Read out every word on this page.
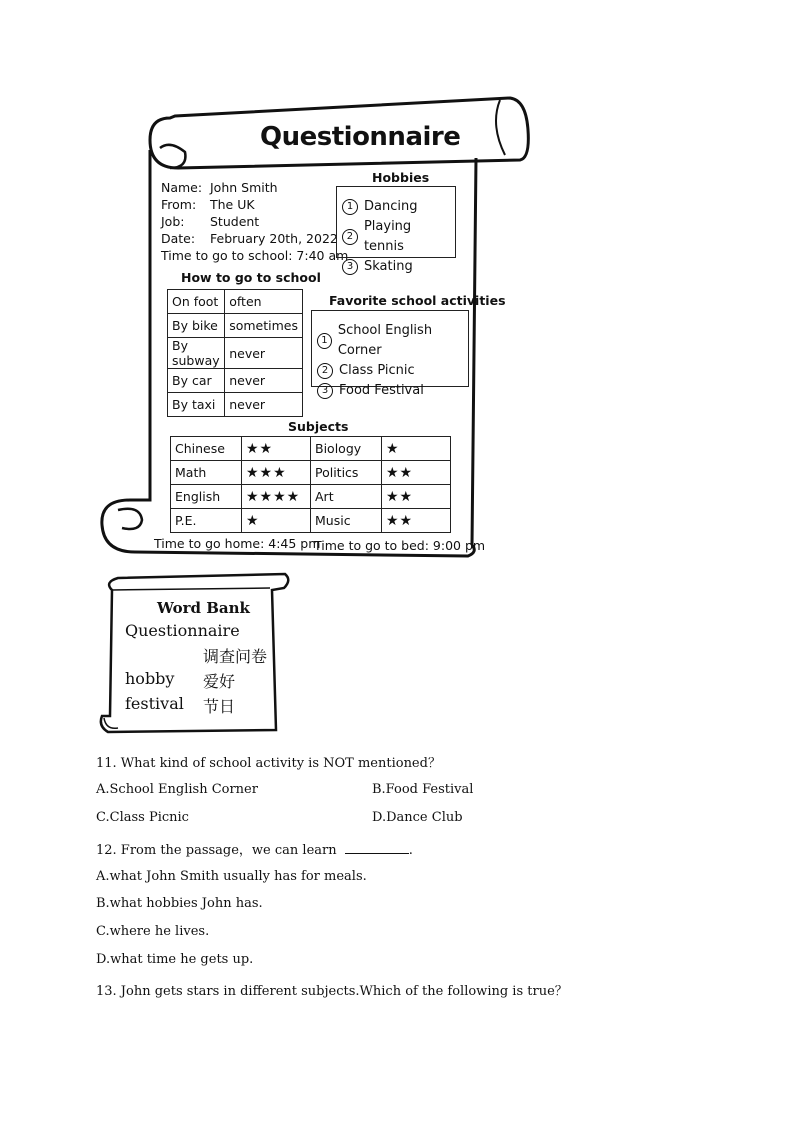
Questionnaire
Name: John Smith
From:	The UK
Job:	Student
Date:	February 20th, 2022
Time to go to school: 7:40 am
Hobbies
1 Dancing
2
Playing tennis
3 Skating
How to go to school
On foot	often
By bike	sometimes
By subway	never
By car	never
By taxi	never
Favorite school activities
1
School English Corner
2 Class Picnic
3 Food Festival
Subjects
Chinese	★★	Biology	★
Math	★★★	Politics	★★
English	★★★★	Art	★★
P.E.	★	Music	★★
Time to go home: 4:45 pm
Time to go to bed: 9:00 pm
Word Bank
Questionnaire
调查问卷
hobby 爱好
festival 节日
11. What kind of school activity is NOT mentioned？
A.School English Corner	B.Food Festival
C.Class Picnic	D.Dance Club
12. From the passage，we can learn	.
A.what John Smith usually has for meals.
B.what hobbies John has.
C.where he lives.
D.what time he gets up.
13. John gets stars in different subjects.Which of the following is true？
